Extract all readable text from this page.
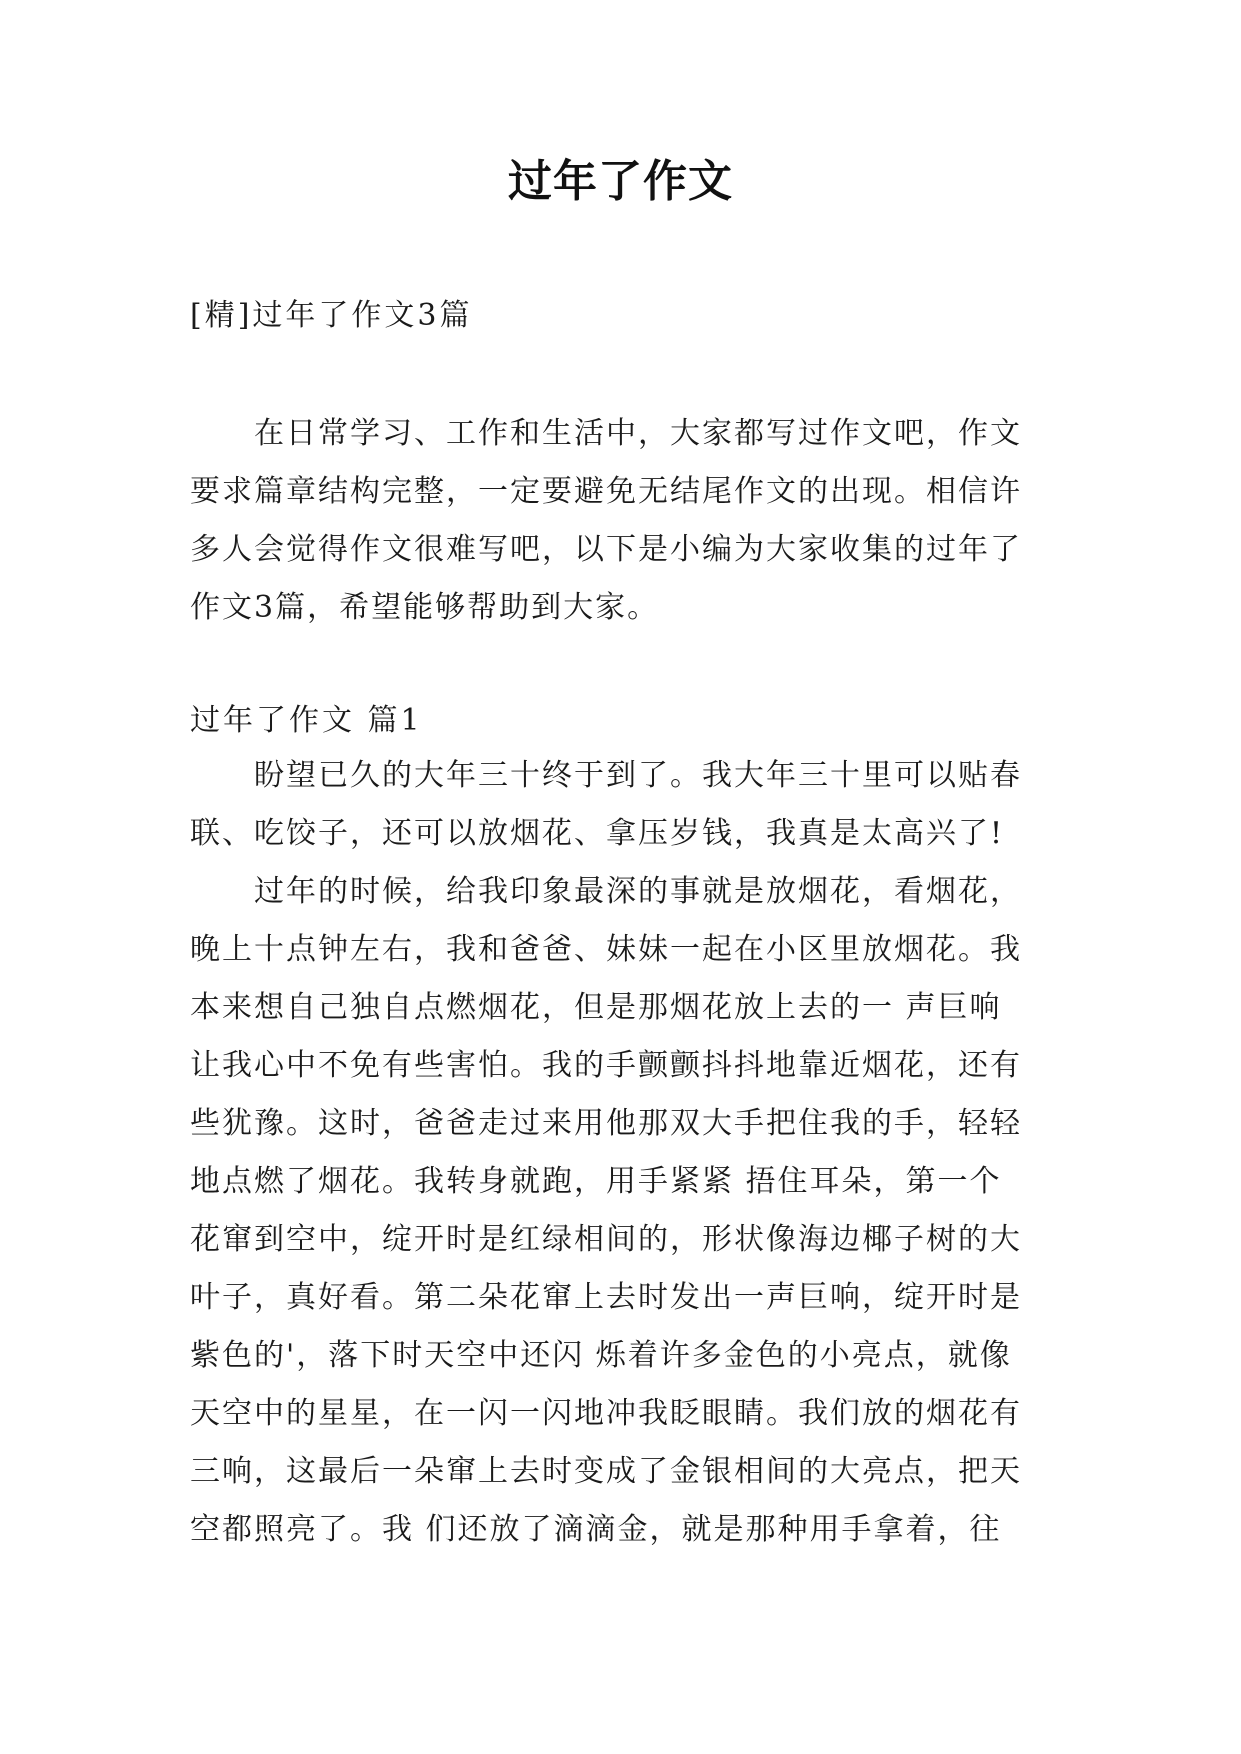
过年了作文
[精]过年了作文3篇
在日常学习、工作和生活中，大家都写过作文吧，作文
要求篇章结构完整，一定要避免无结尾作文的出现。相信许
多人会觉得作文很难写吧，以下是小编为大家收集的过年了
作文3篇，希望能够帮助到大家。
过年了作文 篇1
盼望已久的大年三十终于到了。我大年三十里可以贴春
联、吃饺子，还可以放烟花、拿压岁钱，我真是太高兴了!
过年的时候，给我印象最深的事就是放烟花，看烟花，
晚上十点钟左右，我和爸爸、妹妹一起在小区里放烟花。我
本来想自己独自点燃烟花，但是那烟花放上去的一 声巨响
让我心中不免有些害怕。我的手颤颤抖抖地靠近烟花，还有
些犹豫。这时，爸爸走过来用他那双大手把住我的手，轻轻
地点燃了烟花。我转身就跑，用手紧紧 捂住耳朵，第一个
花窜到空中，绽开时是红绿相间的，形状像海边椰子树的大
叶子，真好看。第二朵花窜上去时发出一声巨响，绽开时是
紫色的'，落下时天空中还闪 烁着许多金色的小亮点，就像
天空中的星星，在一闪一闪地冲我眨眼睛。我们放的烟花有
三响，这最后一朵窜上去时变成了金银相间的大亮点，把天
空都照亮了。我 们还放了滴滴金，就是那种用手拿着，往
